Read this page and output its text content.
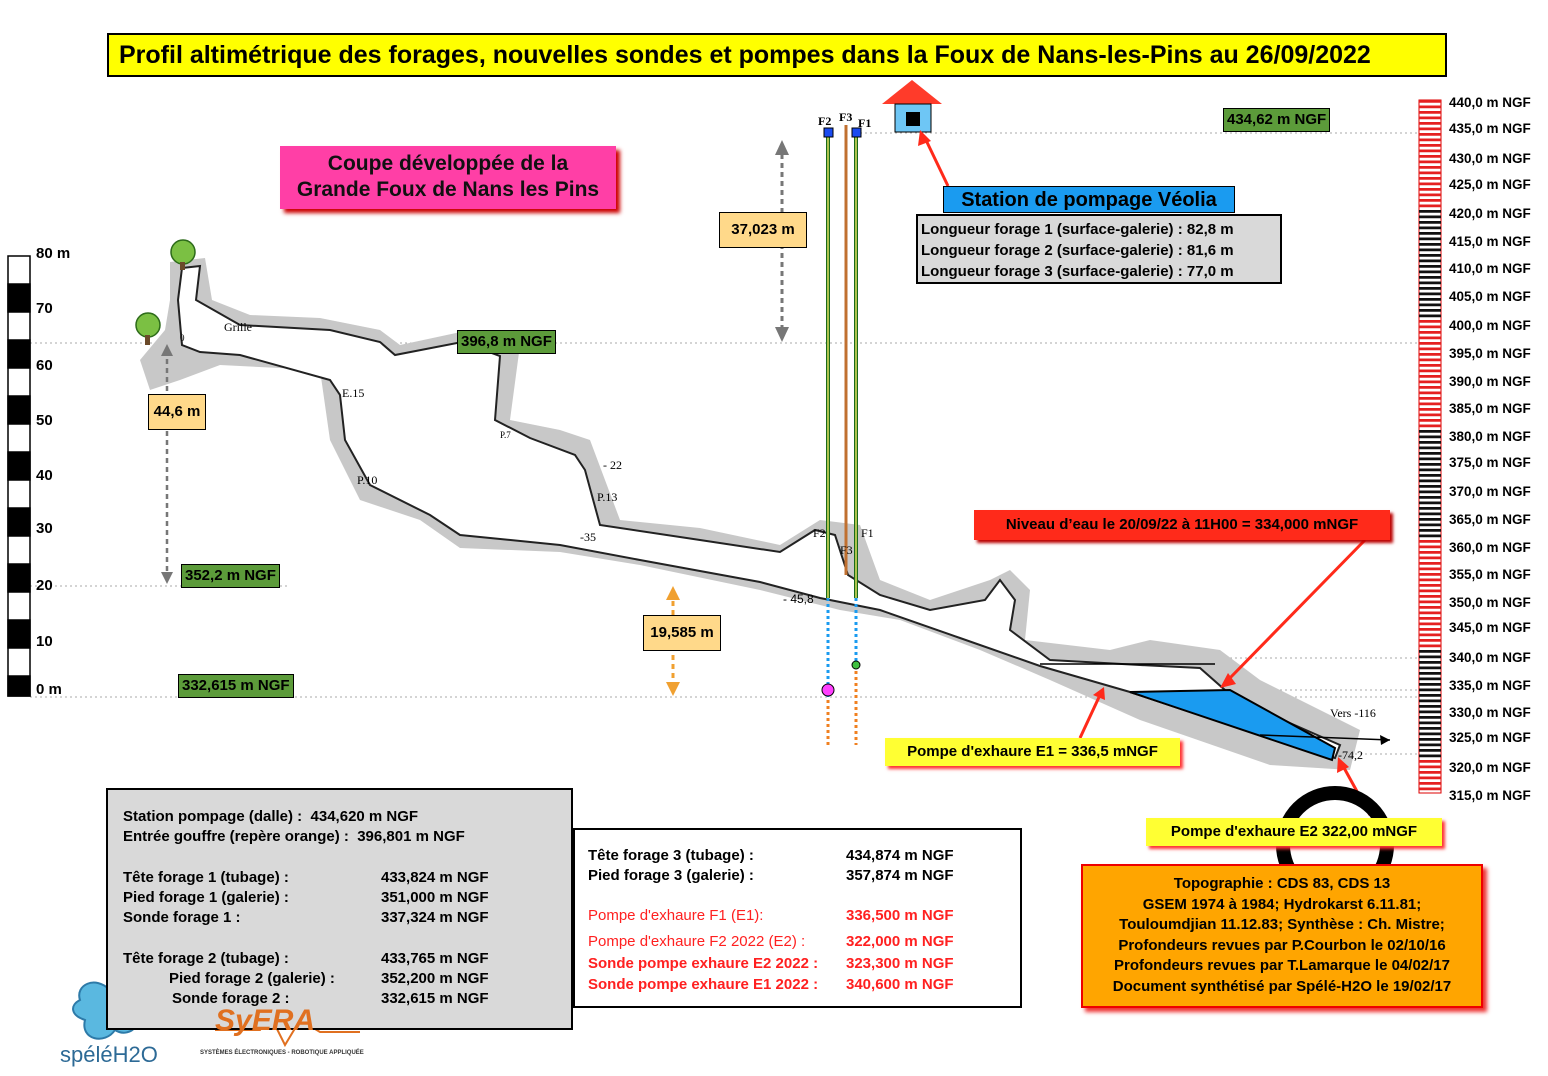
Profil altimétrique des forages, nouvelles sondes et pompes dans la Foux de Nans-les-Pins au 26/09/2022
Coupe développée de la
Grande Foux de Nans les Pins
434,62 m NGF
396,8 m NGF
352,2 m NGF
332,615 m NGF
37,023 m
44,6 m
19,585 m
Station de pompage Véolia
Longueur forage 1 (surface-galerie) : 82,8 m
Longueur forage 2 (surface-galerie) : 81,6 m
Longueur forage 3 (surface-galerie) : 77,0 m
Niveau d’eau le 20/09/22 à 11H00 = 334,000 mNGF
Pompe d'exhaure E1 = 336,5 mNGF
Pompe d'exhaure E2 322,00 mNGF
F2 F3 F1
F2
F3
F1
Grille
E.15
P.7
P.10
P.13
- 22
-35
- 45,8
Vers -116
-74,2
0
80 m
70
60
50
40
30
20
10
0 m
440,0 m NGF
435,0 m NGF
430,0 m NGF
425,0 m NGF
420,0 m NGF
415,0 m NGF
410,0 m NGF
405,0 m NGF
400,0 m NGF
395,0 m NGF
390,0 m NGF
385,0 m NGF
380,0 m NGF
375,0 m NGF
370,0 m NGF
365,0 m NGF
360,0 m NGF
355,0 m NGF
350,0 m NGF
345,0 m NGF
340,0 m NGF
335,0 m NGF
330,0 m NGF
325,0 m NGF
320,0 m NGF
315,0 m NGF
Station pompage (dalle) : 434,620 m NGF
Entrée gouffre (repère orange) : 396,801 m NGF
Tête forage 1 (tubage) :	433,824 m NGF
Pied forage 1 (galerie) :	351,000 m NGF
Sonde forage 1 :	337,324 m NGF
Tête forage 2 (tubage) :	433,765 m NGF
Pied forage 2 (galerie) :	352,200 m NGF
Sonde forage 2 :	332,615 m NGF
Tête forage 3 (tubage) :	434,874 m NGF
Pied forage 3 (galerie) :	357,874 m NGF
Pompe d'exhaure F1 (E1):	336,500 m NGF
Pompe d'exhaure F2 2022 (E2) :	322,000 m NGF
Sonde pompe exhaure E2 2022 : 323,300 m NGF
Sonde pompe exhaure E1 2022 : 340,600 m NGF
Topographie : CDS 83, CDS 13
GSEM 1974 à 1984; Hydrokarst 6.11.81;
Touloumdjian 11.12.83; Synthèse : Ch. Mistre;
Profondeurs revues par P.Courbon le 02/10/16
Profondeurs revues par T.Lamarque le 04/02/17
Document synthétisé par Spélé-H2O le 19/02/17
spéléH2O
SyERA
SYSTÈMES ÉLECTRONIQUES - ROBOTIQUE APPLIQUÉE
